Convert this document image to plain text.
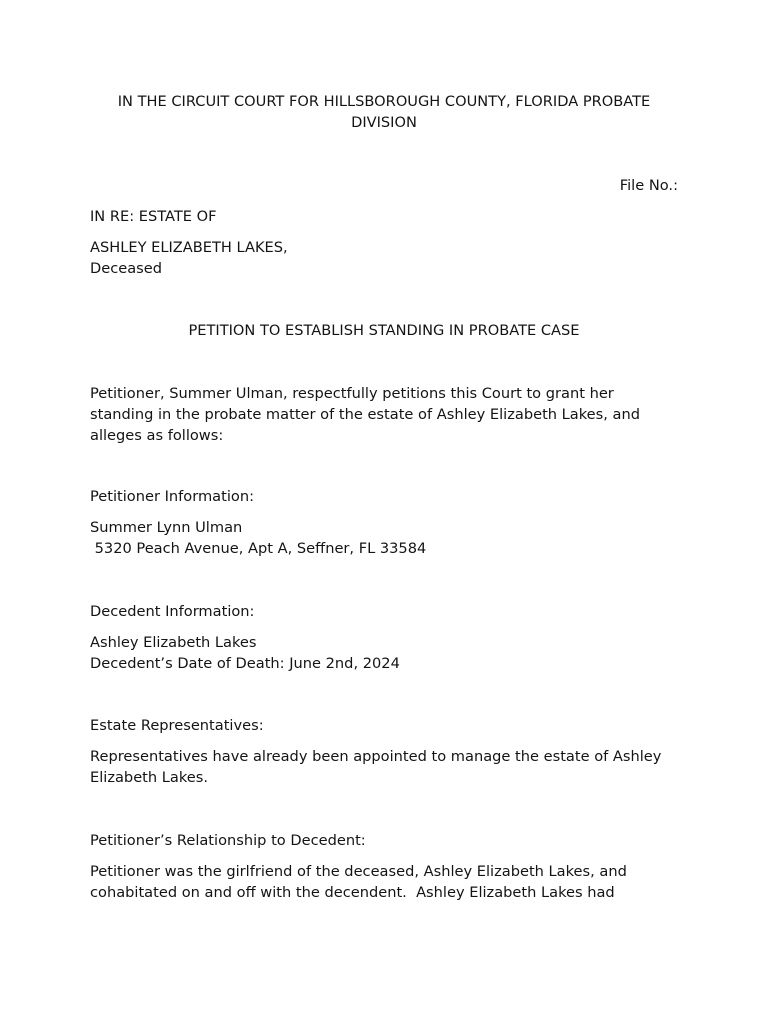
IN THE CIRCUIT COURT FOR HILLSBOROUGH COUNTY, FLORIDA PROBATE DIVISION
File No.:
IN RE: ESTATE OF
ASHLEY ELIZABETH LAKES,
Deceased
PETITION TO ESTABLISH STANDING IN PROBATE CASE
Petitioner, Summer Ulman, respectfully petitions this Court to grant her standing in the probate matter of the estate of Ashley Elizabeth Lakes, and alleges as follows:
Petitioner Information:
Summer Lynn Ulman
5320 Peach Avenue, Apt A, Seffner, FL 33584
Decedent Information:
Ashley Elizabeth Lakes
Decedent’s Date of Death: June 2nd, 2024
Estate Representatives:
Representatives have already been appointed to manage the estate of Ashley Elizabeth Lakes.
Petitioner’s Relationship to Decedent:
Petitioner was the girlfriend of the deceased, Ashley Elizabeth Lakes, and
cohabitated on and off with the decendent.  Ashley Elizabeth Lakes had
